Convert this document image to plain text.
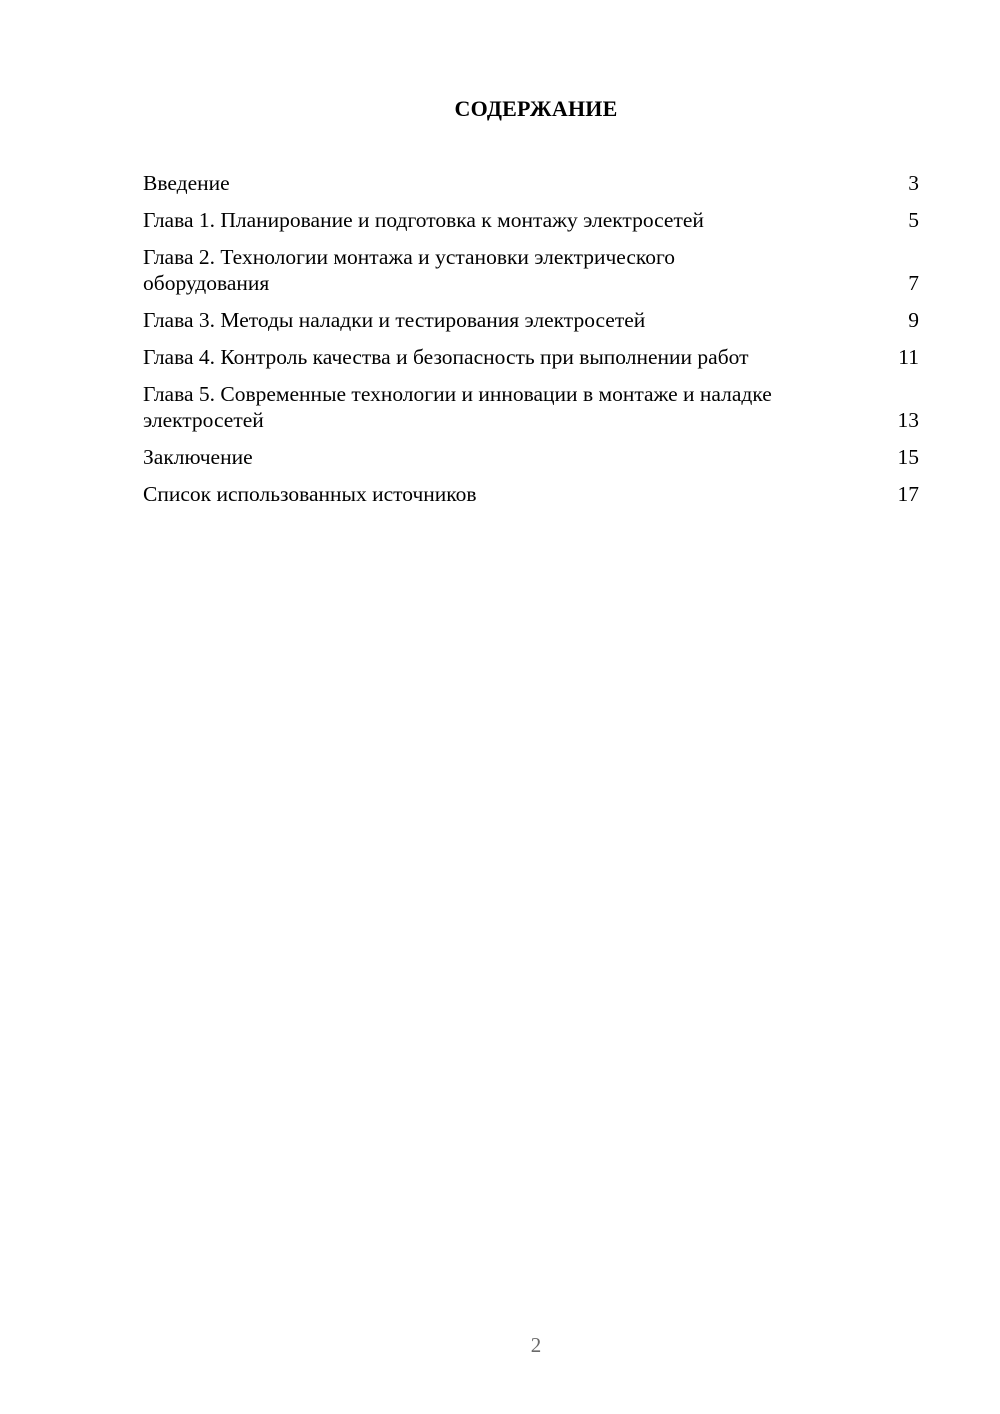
СОДЕРЖАНИЕ
Введение	3
Глава 1. Планирование и подготовка к монтажу электросетей	5
Глава 2. Технологии монтажа и установки электрического оборудования	7
Глава 3. Методы наладки и тестирования электросетей	9
Глава 4. Контроль качества и безопасность при выполнении работ	11
Глава 5. Современные технологии и инновации в монтаже и наладке электросетей	13
Заключение	15
Список использованных источников	17
2
